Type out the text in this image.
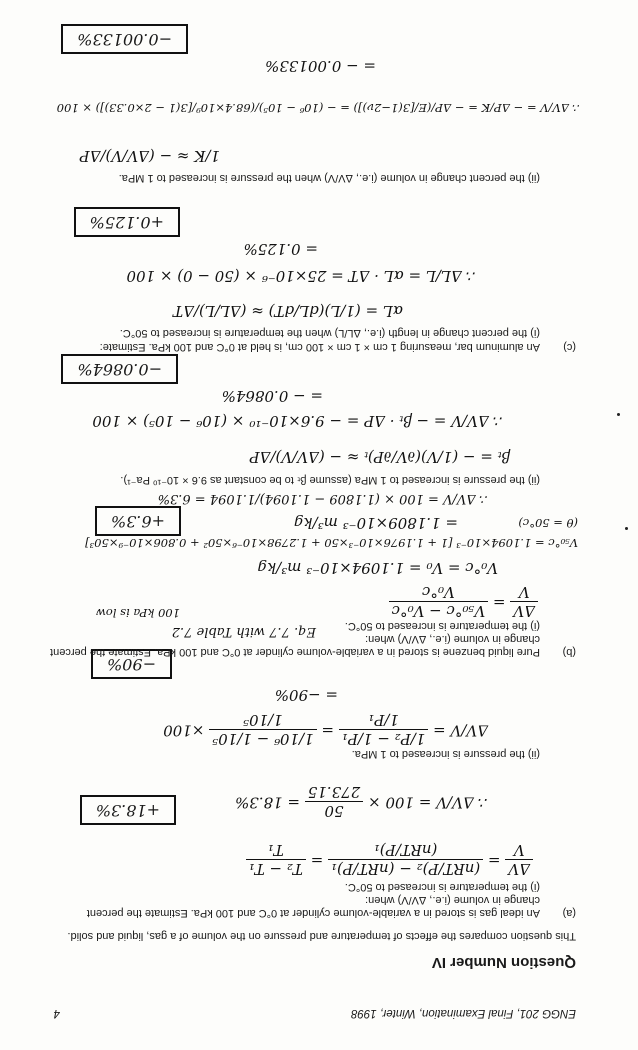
ENGG 201, Final Examination, Winter, 1998
4
Question Number IV
This question compares the effects of temperature and pressure on the volume of a gas, liquid and solid.
(a)
An ideal gas is stored in a variable-volume cylinder at 0°C and 100 kPa. Estimate the percent change in volume (i.e., ΔV/V) when:
(i) the temperature is increased to 50°C.
ΔV
V
=
(nRT/P)₂ − (nRT/P)₁
(nRT/P)₁
=
T₂ − T₁
T₁
∴ ΔV/V = 100 ×
50
273.15
= 18.3%
+18.3%
(ii) the pressure is increased to 1 MPa.
ΔV/V =
1/P₂ − 1/P₁
1/P₁
=
1/10⁶ − 1/10⁵
1/10⁵
×100
= −90%
−90%
(b)
Pure liquid benzene is stored in a variable-volume cylinder at 0°C and 100 kPa. Estimate the percent change in volume (i.e., ΔV/V) when:
(i) the temperature is increased to 50°C.
Eq. 7.7 with Table 7.2
100 kPa is low	ΔV
V
=
V₅₀°c − V₀°c
V₀°c
V₀°c = V₀ = 1.1094×10⁻³ m³/kg
V₅₀°c = 1.1094×10⁻³ [1 + 1.1976×10⁻³×50 + 1.2798×10⁻⁶×50² + 0.806×10⁻⁹×50³]
(θ = 50°c)
= 1.1809×10⁻³ m³/kg
∴ ΔV/V = 100 × (1.1809 − 1.1094)/1.1094 = 6.3%
+6.3%
(ii) the pressure is increased to 1 MPa (assume βₜ to be constant as 9.6 × 10⁻¹⁰ Pa⁻¹).
βₜ = − (1/V)(∂V/∂P)ₜ ≈ − (ΔV/V)/ΔP
∴ ΔV/V = − βₜ · ΔP = − 9.6×10⁻¹⁰ × (10⁶ − 10⁵) × 100
= − 0.0864%
−0.0864%
(c)
An aluminum bar, measuring 1 cm × 1 cm × 100 cm, is held at 0°C and 100 kPa. Estimate:
(i) the percent change in length (i.e., ΔL/L) when the temperature is increased to 50°C.
αL = (1/L)(dL/dT) ≈ (ΔL/L)/ΔT
∴ ΔL/L = αL · ΔT = 25×10⁻⁶ × (50 − 0) × 100
= 0.125%
+0.125%
(ii) the percent change in volume (i.e., ΔV/V) when the pressure is increased to 1 MPa.
1/K ≈ − (ΔV/V)/ΔP
∴ ΔV/V = − ΔP/K = − ΔP/(E/[3(1−2ν)]) = − (10⁶ − 10⁵)/(68.4×10⁹/[3(1 − 2×0.33)]) × 100
= − 0.00133%
−0.00133%
